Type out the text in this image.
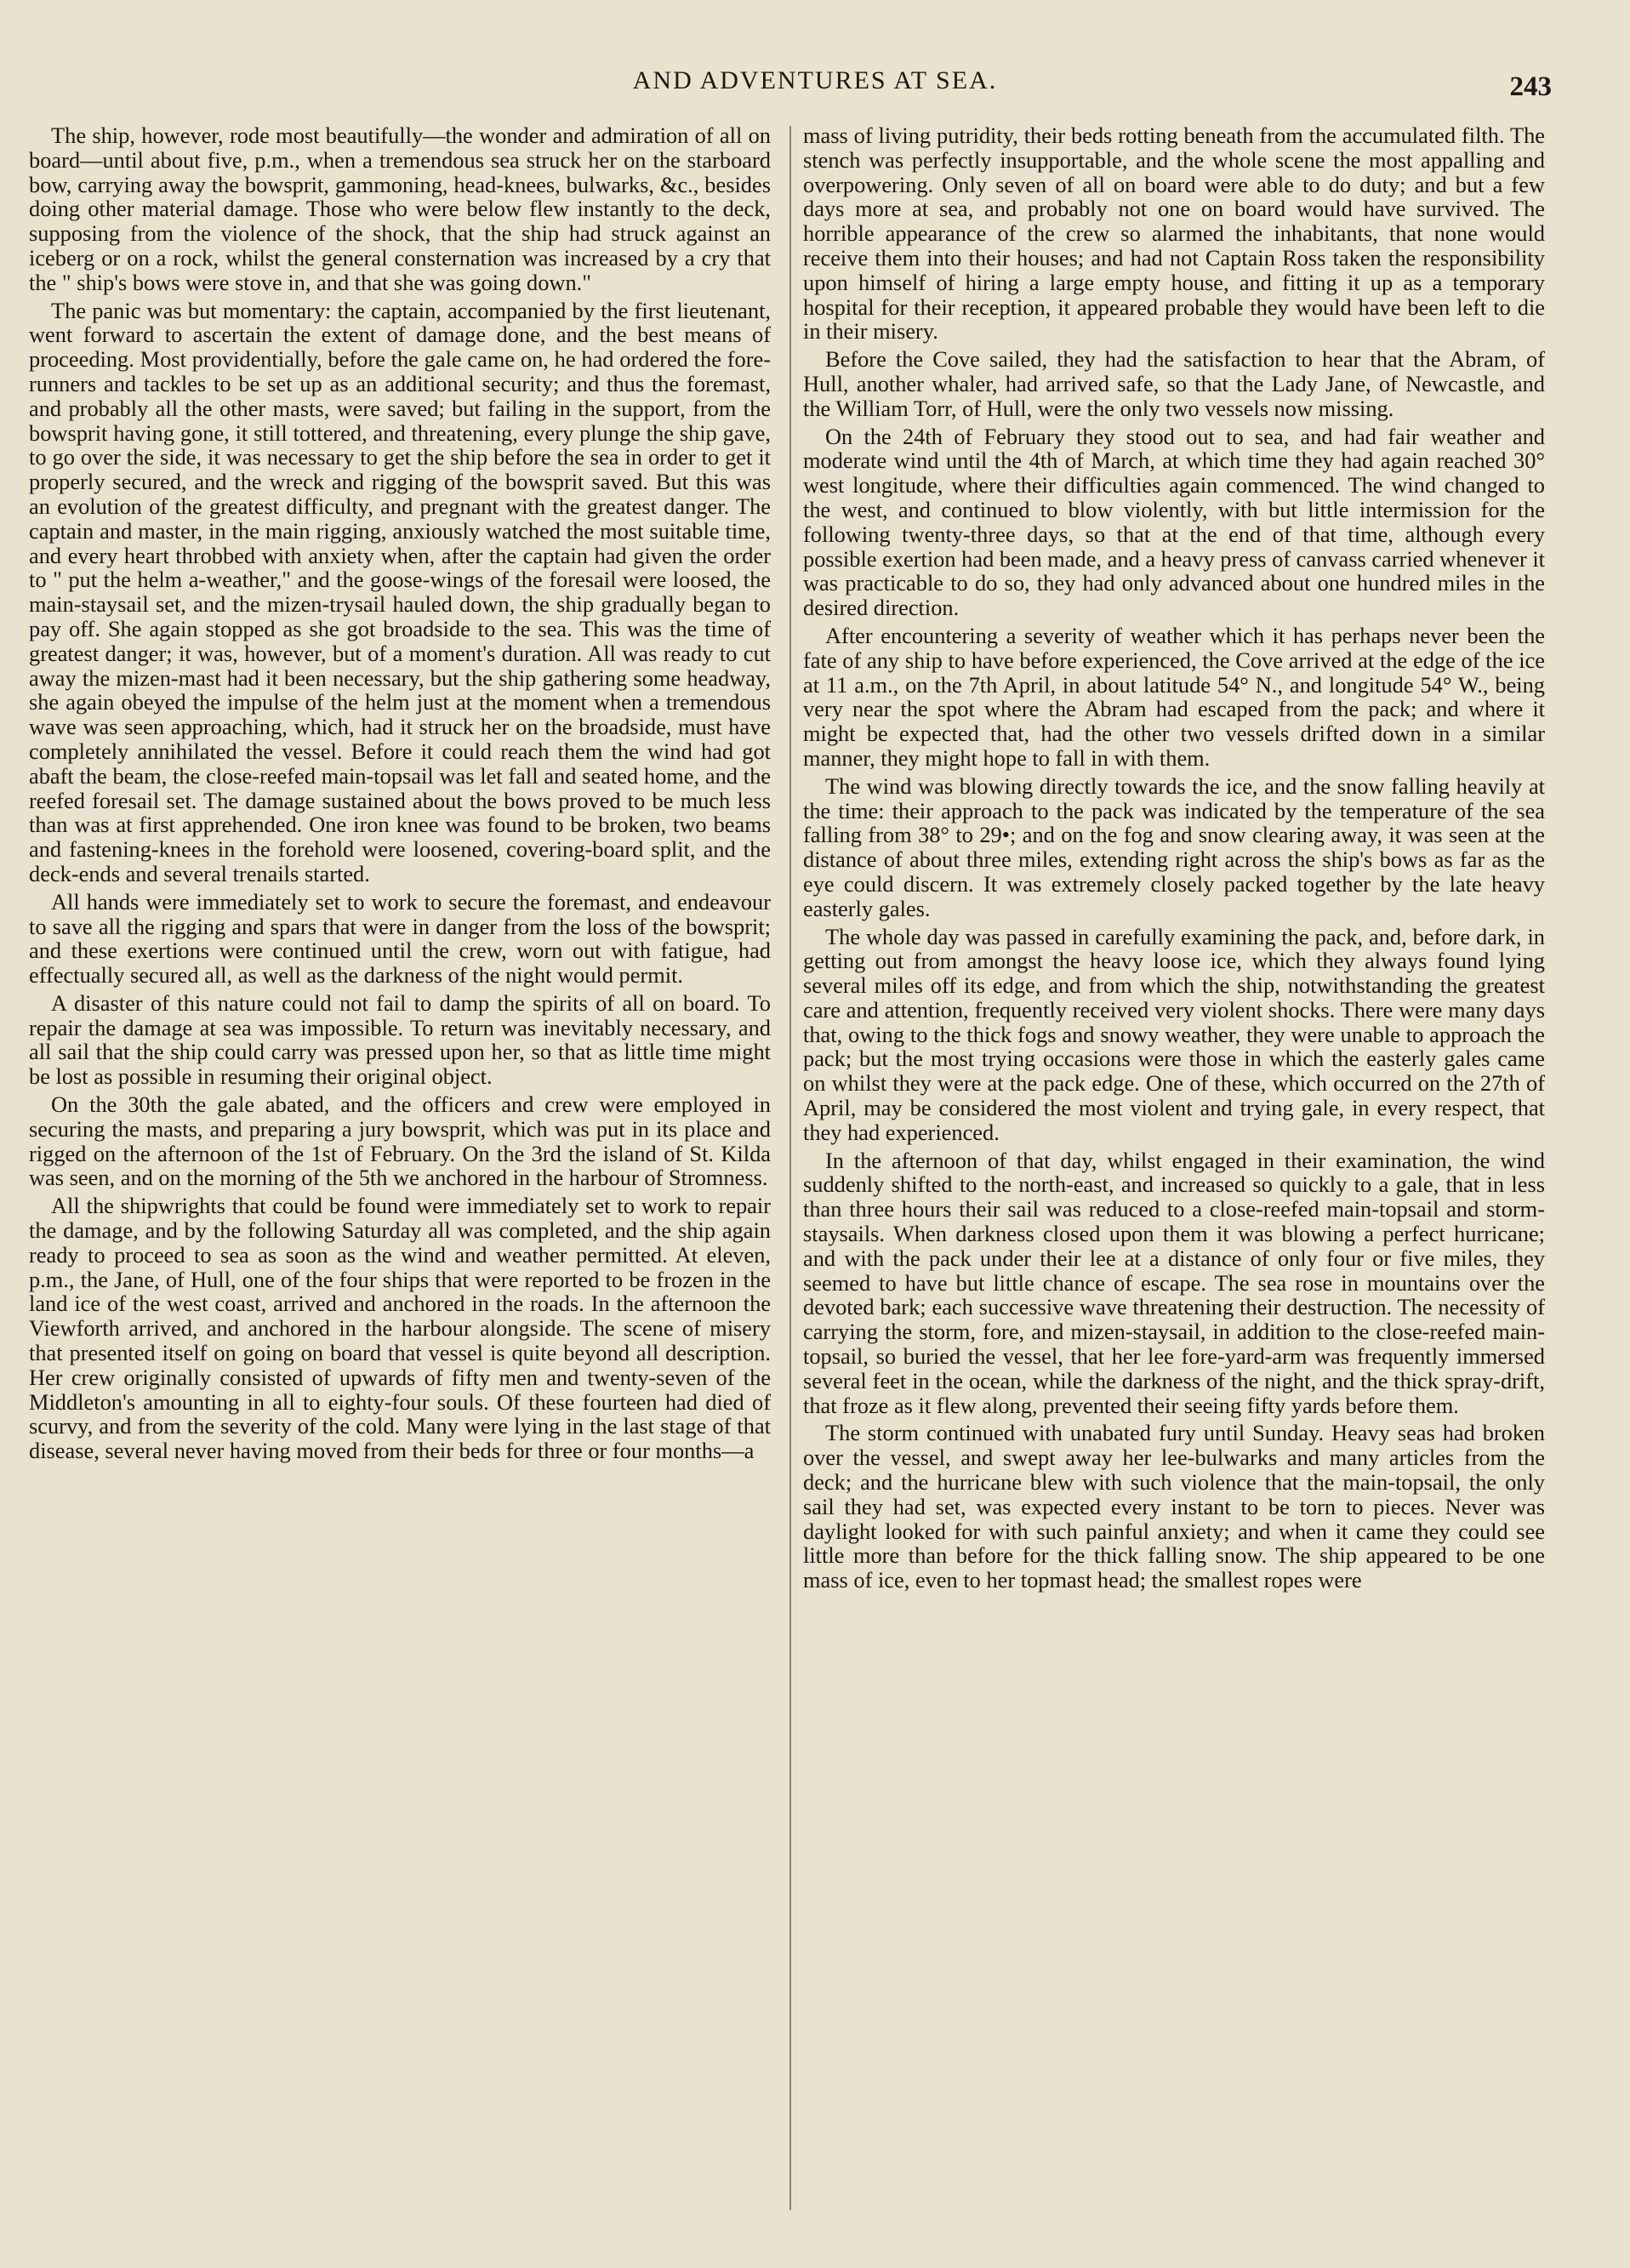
AND ADVENTURES AT SEA.	243

The ship, however, rode most beautifully—the wonder and admiration of all on board—until about five, p.m., when a tremendous sea struck her on the starboard bow, carrying away the bowsprit, gammoning, head-knees, bulwarks, &c., besides doing other material damage. Those who were below flew instantly to the deck, supposing from the violence of the shock, that the ship had struck against an iceberg or on a rock, whilst the general consternation was increased by a cry that the " ship's bows were stove in, and that she was going down."

The panic was but momentary: the captain, accompanied by the first lieutenant, went forward to ascertain the extent of damage done, and the best means of proceeding. Most providentially, before the gale came on, he had ordered the fore-runners and tackles to be set up as an additional security; and thus the foremast, and probably all the other masts, were saved; but failing in the support, from the bowsprit having gone, it still tottered, and threatening, every plunge the ship gave, to go over the side, it was necessary to get the ship before the sea in order to get it properly secured, and the wreck and rigging of the bowsprit saved. But this was an evolution of the greatest difficulty, and pregnant with the greatest danger. The captain and master, in the main rigging, anxiously watched the most suitable time, and every heart throbbed with anxiety when, after the captain had given the order to " put the helm a-weather," and the goose-wings of the foresail were loosed, the main-staysail set, and the mizen-trysail hauled down, the ship gradually began to pay off. She again stopped as she got broadside to the sea. This was the time of greatest danger; it was, however, but of a moment's duration. All was ready to cut away the mizen-mast had it been necessary, but the ship gathering some headway, she again obeyed the impulse of the helm just at the moment when a tremendous wave was seen approaching, which, had it struck her on the broadside, must have completely annihilated the vessel. Before it could reach them the wind had got abaft the beam, the close-reefed main-topsail was let fall and seated home, and the reefed foresail set. The damage sustained about the bows proved to be much less than was at first apprehended. One iron knee was found to be broken, two beams and fastening-knees in the forehold were loosened, covering-board split, and the deck-ends and several trenails started.

All hands were immediately set to work to secure the foremast, and endeavour to save all the rigging and spars that were in danger from the loss of the bowsprit; and these exertions were continued until the crew, worn out with fatigue, had effectually secured all, as well as the darkness of the night would permit.

A disaster of this nature could not fail to damp the spirits of all on board. To repair the damage at sea was impossible. To return was inevitably necessary, and all sail that the ship could carry was pressed upon her, so that as little time might be lost as possible in resuming their original object.

On the 30th the gale abated, and the officers and crew were employed in securing the masts, and preparing a jury bowsprit, which was put in its place and rigged on the afternoon of the 1st of February. On the 3rd the island of St. Kilda was seen, and on the morning of the 5th we anchored in the harbour of Stromness.

All the shipwrights that could be found were immediately set to work to repair the damage, and by the following Saturday all was completed, and the ship again ready to proceed to sea as soon as the wind and weather permitted. At eleven, p.m., the Jane, of Hull, one of the four ships that were reported to be frozen in the land ice of the west coast, arrived and anchored in the roads. In the afternoon the Viewforth arrived, and anchored in the harbour alongside. The scene of misery that presented itself on going on board that vessel is quite beyond all description. Her crew originally consisted of upwards of fifty men and twenty-seven of the Middleton's amounting in all to eighty-four souls. Of these fourteen had died of scurvy, and from the severity of the cold. Many were lying in the last stage of that disease, several never having moved from their beds for three or four months—a

mass of living putridity, their beds rotting beneath from the accumulated filth. The stench was perfectly insupportable, and the whole scene the most appalling and overpowering. Only seven of all on board were able to do duty; and but a few days more at sea, and probably not one on board would have survived. The horrible appearance of the crew so alarmed the inhabitants, that none would receive them into their houses; and had not Captain Ross taken the responsibility upon himself of hiring a large empty house, and fitting it up as a temporary hospital for their reception, it appeared probable they would have been left to die in their misery.

Before the Cove sailed, they had the satisfaction to hear that the Abram, of Hull, another whaler, had arrived safe, so that the Lady Jane, of Newcastle, and the William Torr, of Hull, were the only two vessels now missing.

On the 24th of February they stood out to sea, and had fair weather and moderate wind until the 4th of March, at which time they had again reached 30° west longitude, where their difficulties again commenced. The wind changed to the west, and continued to blow violently, with but little intermission for the following twenty-three days, so that at the end of that time, although every possible exertion had been made, and a heavy press of canvass carried whenever it was practicable to do so, they had only advanced about one hundred miles in the desired direction.

After encountering a severity of weather which it has perhaps never been the fate of any ship to have before experienced, the Cove arrived at the edge of the ice at 11 a.m., on the 7th April, in about latitude 54° N., and longitude 54° W., being very near the spot where the Abram had escaped from the pack; and where it might be expected that, had the other two vessels drifted down in a similar manner, they might hope to fall in with them.

The wind was blowing directly towards the ice, and the snow falling heavily at the time: their approach to the pack was indicated by the temperature of the sea falling from 38° to 29•; and on the fog and snow clearing away, it was seen at the distance of about three miles, extending right across the ship's bows as far as the eye could discern. It was extremely closely packed together by the late heavy easterly gales.

The whole day was passed in carefully examining the pack, and, before dark, in getting out from amongst the heavy loose ice, which they always found lying several miles off its edge, and from which the ship, notwithstanding the greatest care and attention, frequently received very violent shocks. There were many days that, owing to the thick fogs and snowy weather, they were unable to approach the pack; but the most trying occasions were those in which the easterly gales came on whilst they were at the pack edge. One of these, which occurred on the 27th of April, may be considered the most violent and trying gale, in every respect, that they had experienced.

In the afternoon of that day, whilst engaged in their examination, the wind suddenly shifted to the north-east, and increased so quickly to a gale, that in less than three hours their sail was reduced to a close-reefed main-topsail and storm-staysails. When darkness closed upon them it was blowing a perfect hurricane; and with the pack under their lee at a distance of only four or five miles, they seemed to have but little chance of escape. The sea rose in mountains over the devoted bark; each successive wave threatening their destruction. The necessity of carrying the storm, fore, and mizen-staysail, in addition to the close-reefed main-topsail, so buried the vessel, that her lee fore-yard-arm was frequently immersed several feet in the ocean, while the darkness of the night, and the thick spray-drift, that froze as it flew along, prevented their seeing fifty yards before them.

The storm continued with unabated fury until Sunday. Heavy seas had broken over the vessel, and swept away her lee-bulwarks and many articles from the deck; and the hurricane blew with such violence that the main-topsail, the only sail they had set, was expected every instant to be torn to pieces. Never was daylight looked for with such painful anxiety; and when it came they could see little more than before for the thick falling snow. The ship appeared to be one mass of ice, even to her topmast head; the smallest ropes were
